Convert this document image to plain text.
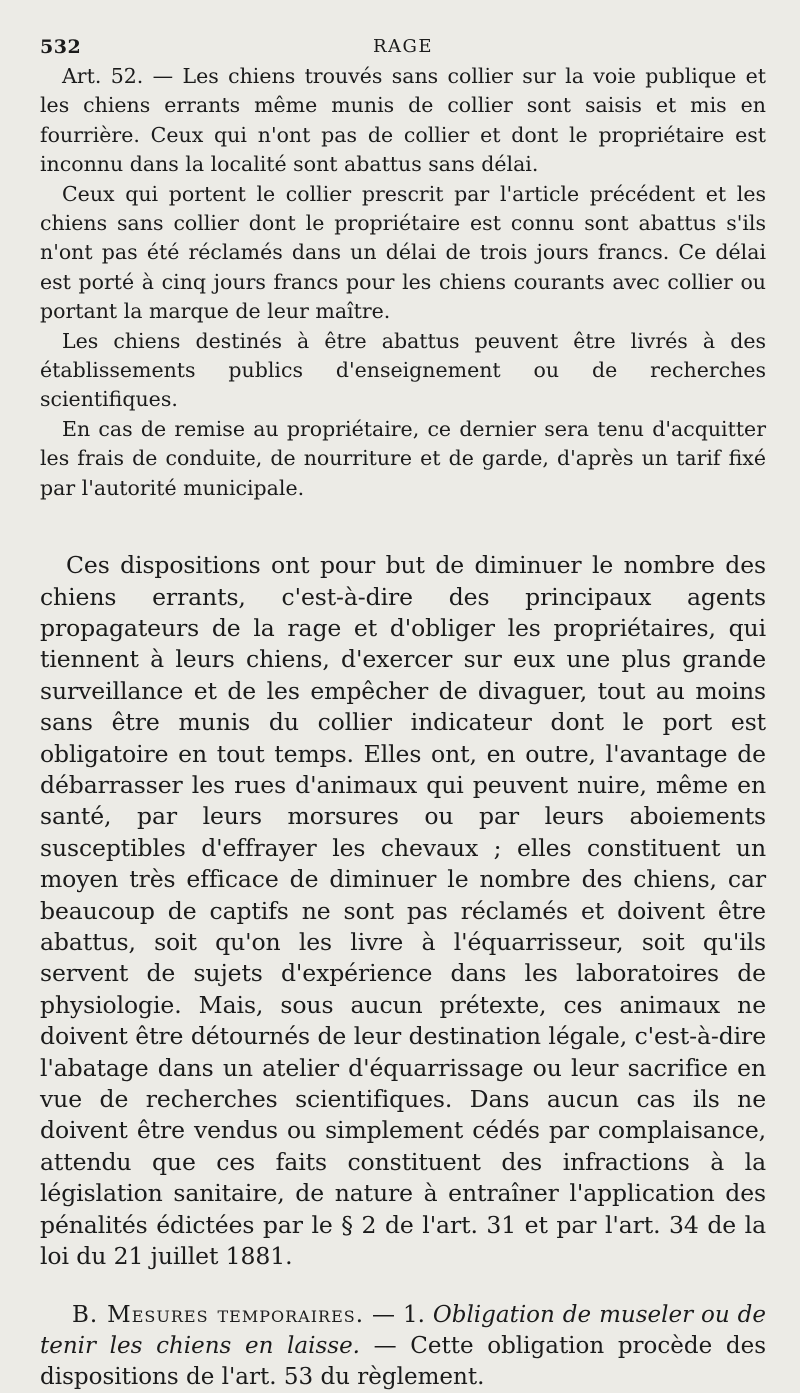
532	RAGE

Art. 52. — Les chiens trouvés sans collier sur la voie publique et les chiens errants même munis de collier sont saisis et mis en fourrière. Ceux qui n'ont pas de collier et dont le propriétaire est inconnu dans la localité sont abattus sans délai.

Ceux qui portent le collier prescrit par l'article précédent et les chiens sans collier dont le propriétaire est connu sont abattus s'ils n'ont pas été réclamés dans un délai de trois jours francs. Ce délai est porté à cinq jours francs pour les chiens courants avec collier ou portant la marque de leur maître.

Les chiens destinés à être abattus peuvent être livrés à des établissements publics d'enseignement ou de recherches scientifiques.

En cas de remise au propriétaire, ce dernier sera tenu d'acquitter les frais de conduite, de nourriture et de garde, d'après un tarif fixé par l'autorité municipale.

Ces dispositions ont pour but de diminuer le nombre des chiens errants, c'est-à-dire des principaux agents propagateurs de la rage et d'obliger les propriétaires, qui tiennent à leurs chiens, d'exercer sur eux une plus grande surveillance et de les empêcher de divaguer, tout au moins sans être munis du collier indicateur dont le port est obligatoire en tout temps. Elles ont, en outre, l'avantage de débarrasser les rues d'animaux qui peuvent nuire, même en santé, par leurs morsures ou par leurs aboiements susceptibles d'effrayer les chevaux ; elles constituent un moyen très efficace de diminuer le nombre des chiens, car beaucoup de captifs ne sont pas réclamés et doivent être abattus, soit qu'on les livre à l'équarrisseur, soit qu'ils servent de sujets d'expérience dans les laboratoires de physiologie. Mais, sous aucun prétexte, ces animaux ne doivent être détournés de leur destination légale, c'est-à-dire l'abatage dans un atelier d'équarrissage ou leur sacrifice en vue de recherches scientifiques. Dans aucun cas ils ne doivent être vendus ou simplement cédés par complaisance, attendu que ces faits constituent des infractions à la législation sanitaire, de nature à entraîner l'application des pénalités édictées par le § 2 de l'art. 31 et par l'art. 34 de la loi du 21 juillet 1881.

B. Mesures temporaires. — 1. Obligation de museler ou de tenir les chiens en laisse. — Cette obligation procède des dispositions de l'art. 53 du règlement.
